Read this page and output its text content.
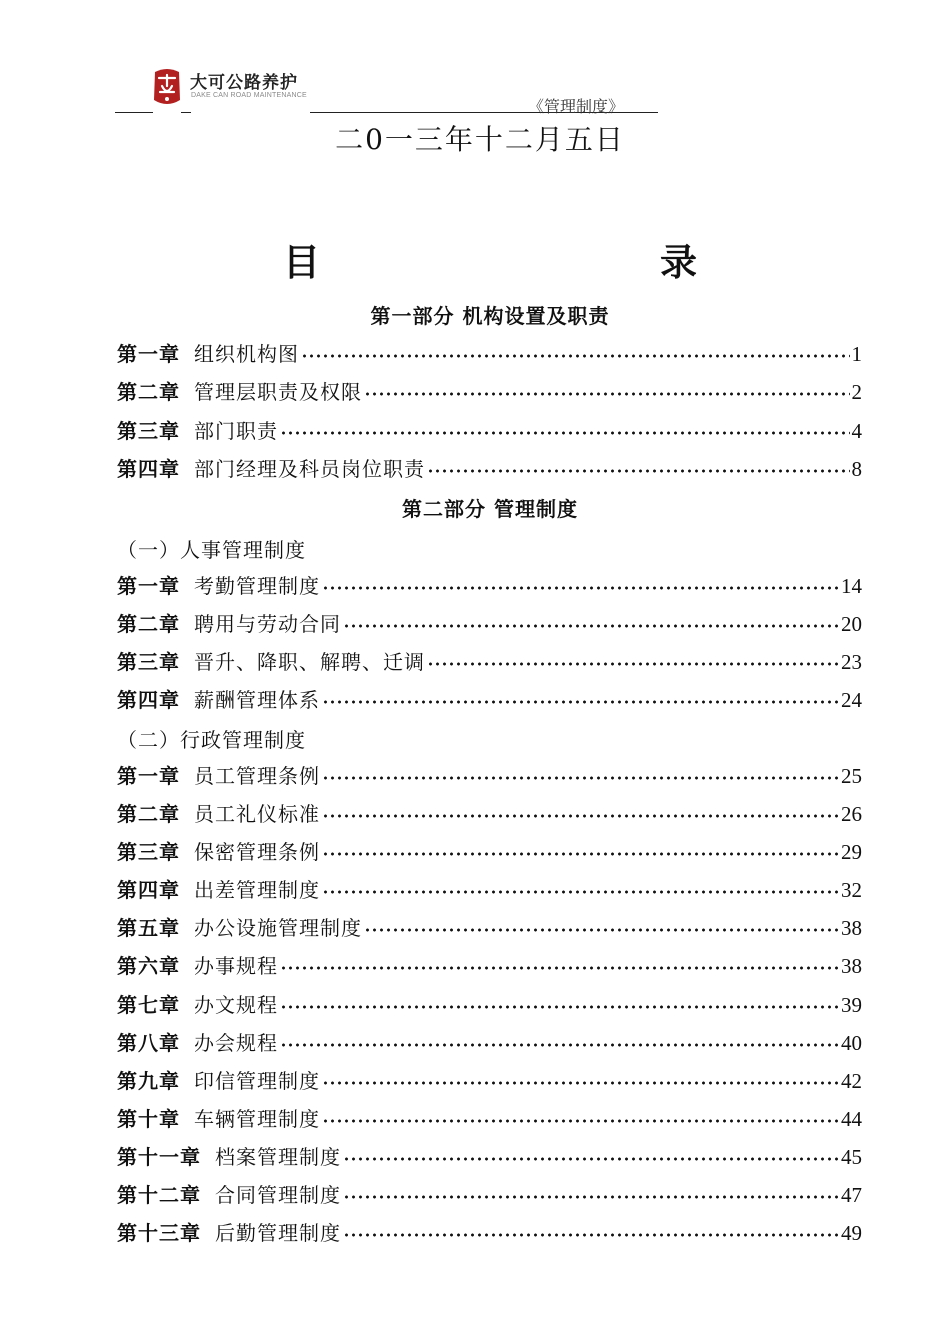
大可公路养护
DAKE CAN ROAD MAINTENANCE
《管理制度》
二0一三年十二月五日
目	录
第一部分 机构设置及职责
第一章 组织机构图	1
第二章 管理层职责及权限	2
第三章 部门职责	4
第四章 部门经理及科员岗位职责	8
第二部分 管理制度
（一）人事管理制度
第一章 考勤管理制度	14
第二章 聘用与劳动合同	20
第三章 晋升、降职、解聘、迁调	23
第四章 薪酬管理体系	24
（二）行政管理制度
第一章 员工管理条例	25
第二章 员工礼仪标准	26
第三章 保密管理条例	29
第四章 出差管理制度	32
第五章 办公设施管理制度	38
第六章 办事规程	38
第七章 办文规程	39
第八章 办会规程	40
第九章 印信管理制度	42
第十章 车辆管理制度	44
第十一章 档案管理制度	45
第十二章 合同管理制度	47
第十三章 后勤管理制度	49
